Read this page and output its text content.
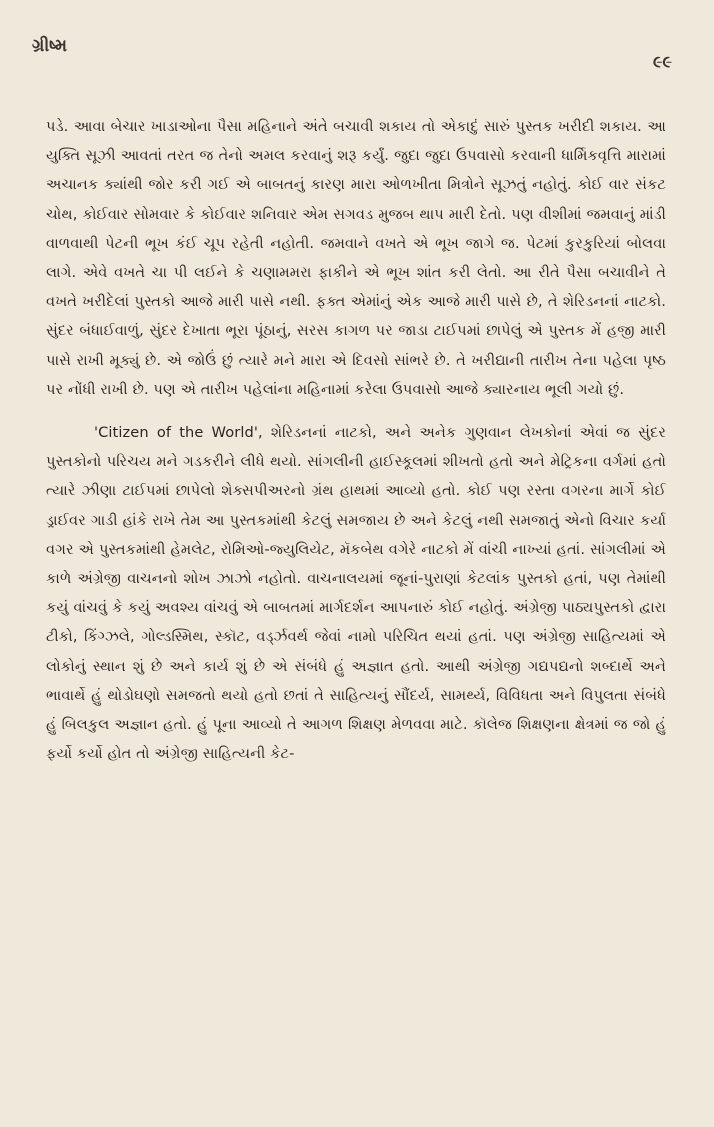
ગ્રીષ્મ
૯૯

પડે. આવા બેચાર ખાડાઓના પૈસા મહિનાને અંતે બચાવી શકાય તો એકાદું સારું પુસ્તક ખરીદી શકાય. આ યુક્તિ સૂઝી આવતાં તરત જ તેનો અમલ કરવાનું શરૂ કર્યું. જુદા જુદા ઉપવાસો કરવાની ધાર્મિકવૃત્તિ મારામાં અચાનક ક્યાંથી જોર કરી ગઈ એ બાબતનું કારણ મારા ઓળખીતા મિત્રોને સૂઝતું નહોતું. કોઈ વાર સંકટ ચોથ, કોઈવાર સોમવાર કે કોઈવાર શનિવાર એમ સગવડ મુજબ થાપ મારી દેતો. પણ વીશીમાં જમવાનું માંડી વાળવાથી પેટની ભૂખ કંઈ ચૂપ રહેતી નહોતી. જમવાને વખતે એ ભૂખ જાગે જ. પેટમાં કુરકુરિયાં બોલવા લાગે. એવે વખતે ચા પી લઈને કે ચણામમરા ફાકીને એ ભૂખ શાંત કરી લેતો. આ રીતે પૈસા બચાવીને તે વખતે ખરીદેલાં પુસ્તકો આજે મારી પાસે નથી. ફક્ત એમાંનું એક આજે મારી પાસે છે, તે શેરિડનનાં નાટકો. સુંદર બંધાઈવાળું, સુંદર દેખાતા ભૂરા પૂંઠાનું, સરસ કાગળ પર જાડા ટાઈપમાં છાપેલું એ પુસ્તક મેં હજી મારી પાસે રાખી મૂક્યું છે. એ જોઉં છું ત્યારે મને મારા એ દિવસો સાંભરે છે. તે ખરીદ્યાની તારીખ તેના પહેલા પૃષ્ઠ પર નોંધી રાખી છે. પણ એ તારીખ પહેલાંના મહિનામાં કરેલા ઉપવાસો આજે ક્યારનાય ભૂલી ગયો છું.

'Citizen of the World', શેરિડનનાં નાટકો, અને અનેક ગુણવાન લેખકોનાં એવાં જ સુંદર પુસ્તકોનો પરિચય મને ગડકરીને લીધે થયો. સાંગલીની હાઈસ્કૂલમાં શીખતો હતો અને મેટ્રિકના વર્ગમાં હતો ત્યારે ઝીણા ટાઈપમાં છાપેલો શેક્સપીઅરનો ગ્રંથ હાથમાં આવ્યો હતો. કોઈ પણ રસ્તા વગરના માર્ગે કોઈ ડ્રાઈવર ગાડી હાંકે રાખે તેમ આ પુસ્તકમાંથી કેટલું સમજાય છે અને કેટલું નથી સમજાતું એનો વિચાર કર્યા વગર એ પુસ્તકમાંથી હેમલેટ, રોમિઓ-જ્યુલિયેટ, મૅકબેથ વગેરે નાટકો મેં વાંચી નાખ્યાં હતાં. સાંગલીમાં એ કાળે અંગ્રેજી વાચનનો શોખ ઝાઝો નહોતો. વાચનાલયમાં જૂનાં-પુરાણાં કેટલાંક પુસ્તકો હતાં, પણ તેમાંથી કયું વાંચવું કે કયું અવશ્ય વાંચવું એ બાબતમાં માર્ગદર્શન આપનારું કોઈ નહોતું. અંગ્રેજી પાઠ્યપુસ્તકો દ્વારા ટીકો, કિંગ્ઝલે, ગોલ્ડસ્મિથ, સ્કૉટ, વર્ડ્ઝવર્થ જેવાં નામો પરિચિત થયાં હતાં. પણ અંગ્રેજી સાહિત્યમાં એ લોકોનું સ્થાન શું છે અને કાર્ય શું છે એ સંબંધે હું અજ્ઞાત હતો. આથી અંગ્રેજી ગદ્યપદ્યનો શબ્દાર્થે અને ભાવાર્થે હું થોડોઘણો સમજતો થયો હતો છતાં તે સાહિત્યનું સૌંદર્ય, સામર્થ્ય, વિવિધતા અને વિપુલતા સંબંધે હું બિલકુલ અજ્ઞાન હતો. હું પૂના આવ્યો તે આગળ શિક્ષણ મેળવવા માટે. કૉલેજ શિક્ષણના ક્ષેત્રમાં જ જો હું ફર્યો કર્યો હોત તો અંગ્રેજી સાહિત્યની કેટ-
